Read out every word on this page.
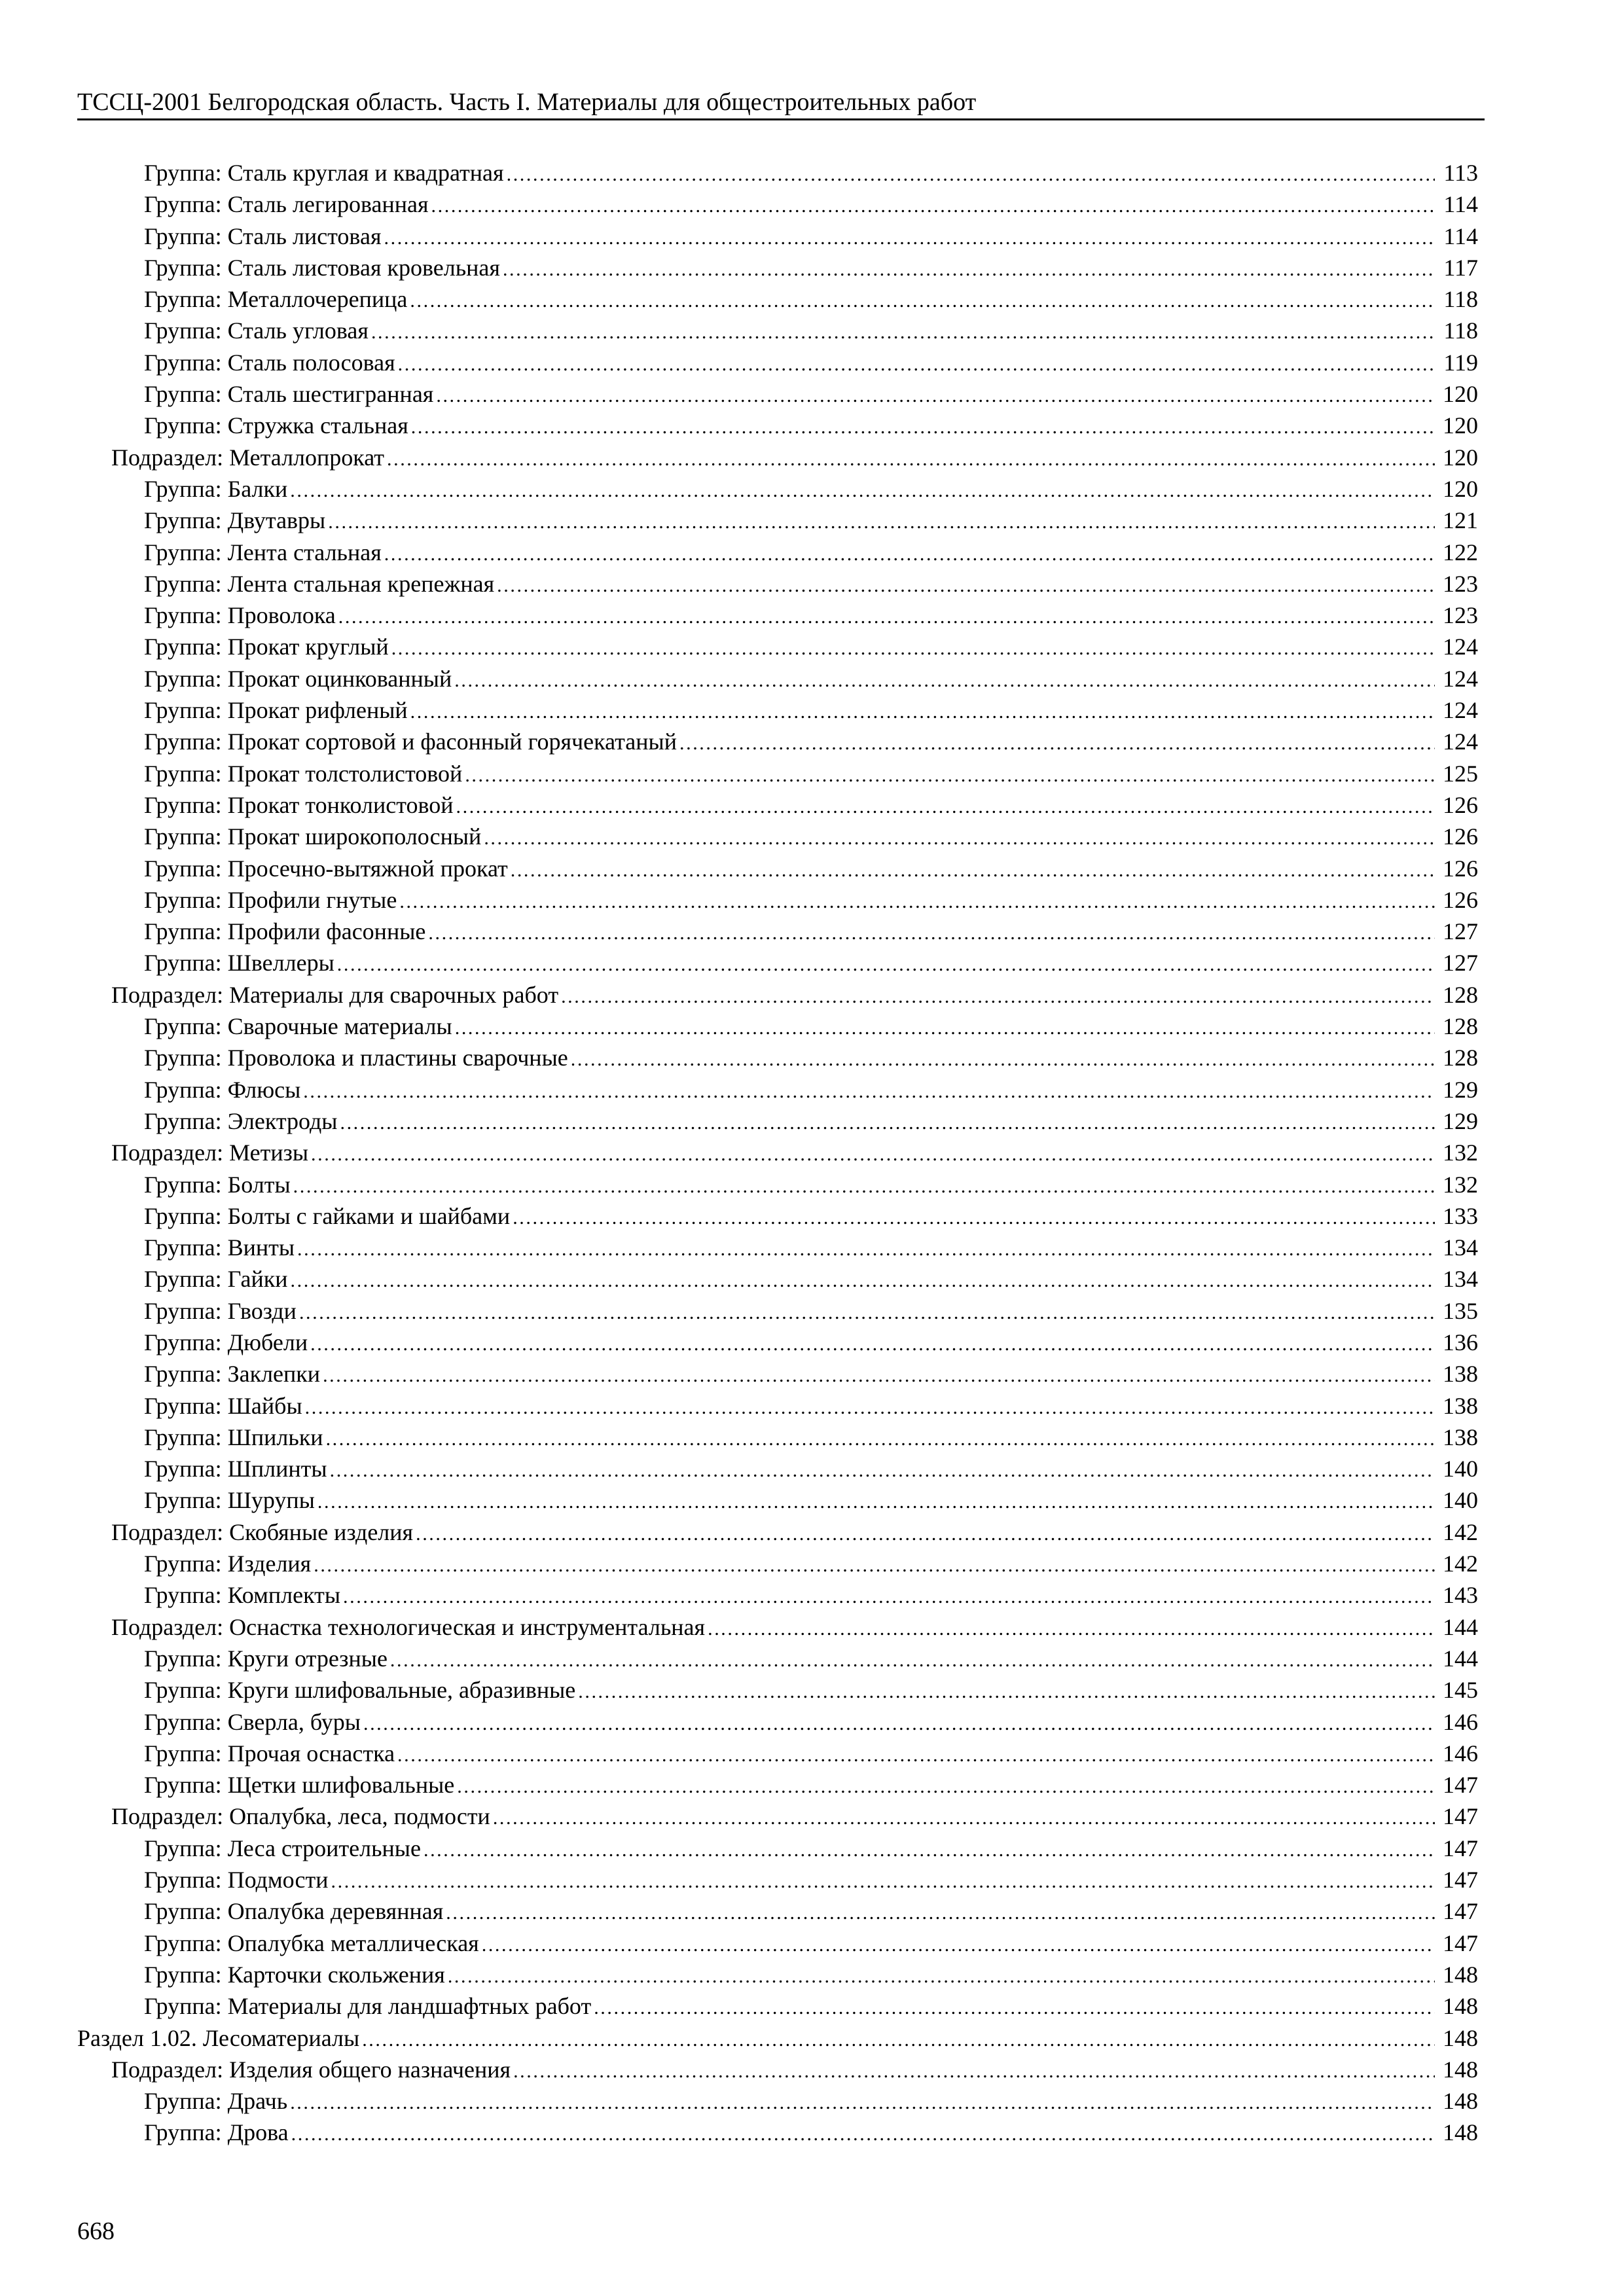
ТССЦ-2001 Белгородская область. Часть I. Материалы для общестроительных работ
Группа: Сталь круглая и квадратная .....	113
Группа: Сталь легированная .....	114
Группа: Сталь листовая .....	114
Группа: Сталь листовая кровельная .....	117
Группа: Металлочерепица .....	118
Группа: Сталь угловая .....	118
Группа: Сталь полосовая .....	119
Группа: Сталь шестигранная .....	120
Группа: Стружка стальная .....	120
Подраздел: Металлопрокат .....	120
Группа: Балки .....	120
Группа: Двутавры .....	121
Группа: Лента стальная .....	122
Группа: Лента стальная крепежная .....	123
Группа: Проволока .....	123
Группа: Прокат круглый .....	124
Группа: Прокат оцинкованный .....	124
Группа: Прокат рифленый .....	124
Группа: Прокат сортовой и фасонный горячекатаный .....	124
Группа: Прокат толстолистовой .....	125
Группа: Прокат тонколистовой .....	126
Группа: Прокат широкополосный .....	126
Группа: Просечно-вытяжной прокат .....	126
Группа: Профили гнутые .....	126
Группа: Профили фасонные .....	127
Группа: Швеллеры .....	127
Подраздел: Материалы для сварочных работ .....	128
Группа: Сварочные материалы .....	128
Группа: Проволока и пластины сварочные .....	128
Группа: Флюсы .....	129
Группа: Электроды .....	129
Подраздел: Метизы .....	132
Группа: Болты .....	132
Группа: Болты с гайками и шайбами .....	133
Группа: Винты .....	134
Группа: Гайки .....	134
Группа: Гвозди .....	135
Группа: Дюбели .....	136
Группа: Заклепки .....	138
Группа: Шайбы .....	138
Группа: Шпильки .....	138
Группа: Шплинты .....	140
Группа: Шурупы .....	140
Подраздел: Скобяные изделия .....	142
Группа: Изделия .....	142
Группа: Комплекты .....	143
Подраздел: Оснастка технологическая и инструментальная .....	144
Группа: Круги отрезные .....	144
Группа: Круги шлифовальные, абразивные .....	145
Группа: Сверла, буры .....	146
Группа: Прочая оснастка .....	146
Группа: Щетки шлифовальные .....	147
Подраздел: Опалубка, леса, подмости .....	147
Группа: Леса строительные .....	147
Группа: Подмости .....	147
Группа: Опалубка деревянная .....	147
Группа: Опалубка металлическая .....	147
Группа: Карточки скольжения .....	148
Группа: Материалы для ландшафтных работ .....	148
Раздел 1.02. Лесоматериалы .....	148
Подраздел: Изделия общего назначения .....	148
Группа: Драчь .....	148
Группа: Дрова .....	148
668
